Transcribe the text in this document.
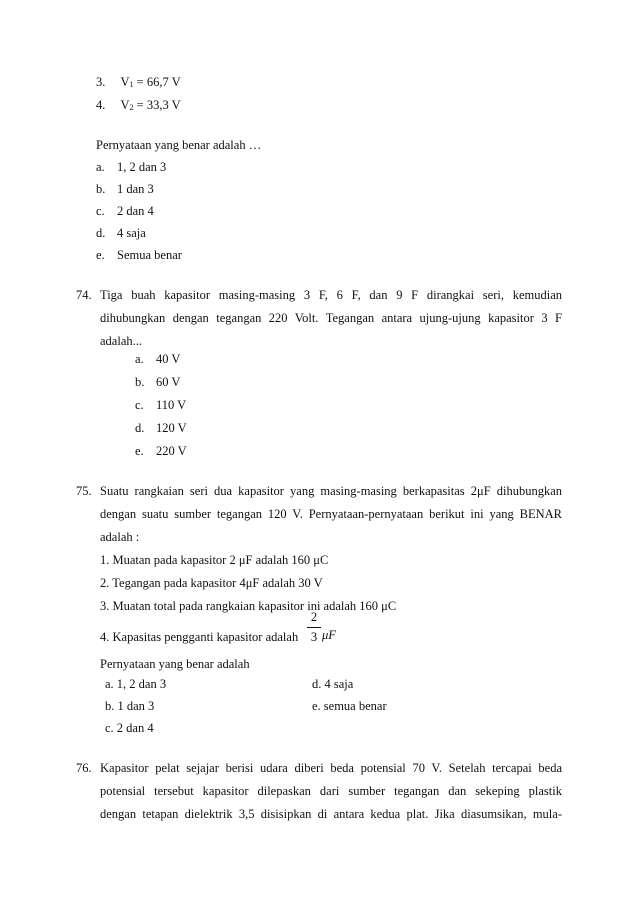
3. $V_1 = 66,7$ V
4. $V_2 = 33,3$ V
Pernyataan yang benar adalah …
a. 1, 2 dan 3
b. 1 dan 3
c. 2 dan 4
d. 4 saja
e. Semua benar
74. Tiga buah kapasitor masing-masing 3 F, 6 F, dan 9 F dirangkai seri, kemudian
dihubungkan dengan tegangan 220 Volt. Tegangan antara ujung-ujung kapasitor 3 F
adalah...
a. 40 V
b. 60 V
c. 110 V
d. 120 V
e. 220 V
75. Suatu rangkaian seri dua kapasitor yang masing-masing berkapasitas 2μF dihubungkan
dengan suatu sumber tegangan 120 V. Pernyataan-pernyataan berikut ini yang BENAR
adalah :
1. Muatan pada kapasitor 2 μF adalah 160 μC
2. Tegangan pada kapasitor 4μF adalah 30 V
3. Muatan total pada rangkaian kapasitor ini adalah 160 μC
4. Kapasitas pengganti kapasitor adalah
2
3 μF
Pernyataan yang benar adalah
a. 1, 2 dan 3
b. 1 dan 3
c. 2 dan 4
d. 4 saja
e. semua benar
76. Kapasitor pelat sejajar berisi udara diberi beda potensial 70 V. Setelah tercapai beda
potensial tersebut kapasitor dilepaskan dari sumber tegangan dan sekeping plastik
dengan tetapan dielektrik 3,5 disisipkan di antara kedua plat. Jika diasumsikan, mula-
